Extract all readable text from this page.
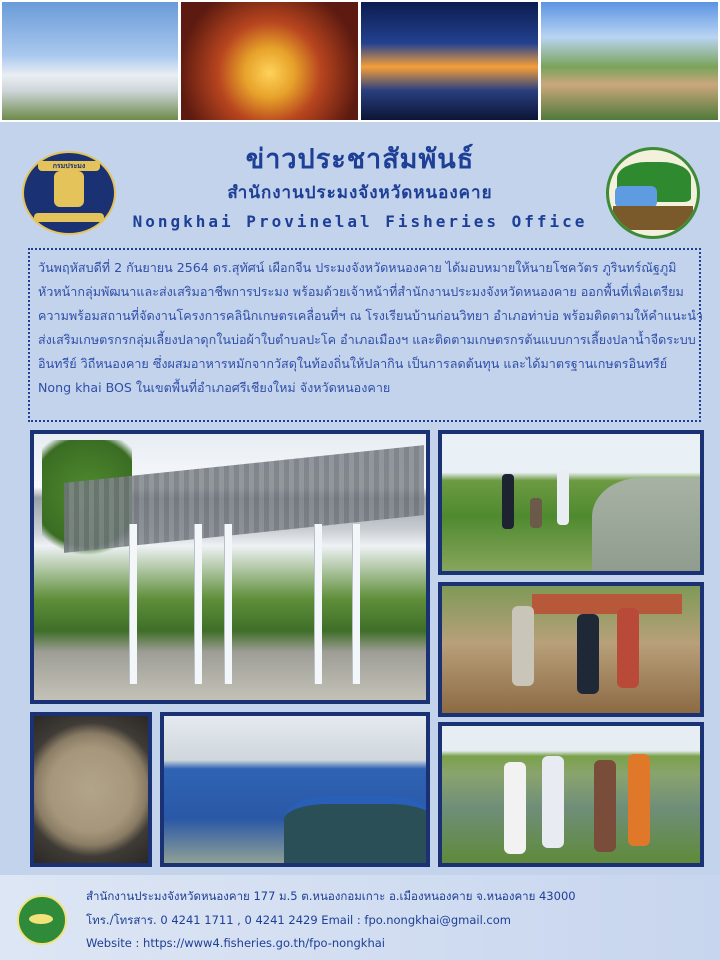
กรมประมง	ข่าวประชาสัมพันธ์
สำนักงานประมงจังหวัดหนองคาย
Nongkhai Provinelal Fisheries Office

วันพฤหัสบดีที่ 2 กันยายน 2564 ดร.สุทัศน์ เผือกจีน ประมงจังหวัดหนองคาย ได้มอบหมายให้นายโชควัตร ภูรินทร์ณัฐภูมิ

หัวหน้ากลุ่มพัฒนาและส่งเสริมอาชีพการประมง พร้อมด้วยเจ้าหน้าที่สำนักงานประมงจังหวัดหนองคาย ออกพื้นที่เพื่อเตรียม

ความพร้อมสถานที่จัดงานโครงการคลินิกเกษตรเคลื่อนที่ฯ ณ โรงเรียนบ้านก่อนวิทยา อำเภอท่าบ่อ พร้อมติดตามให้คำแนะนำ

ส่งเสริมเกษตรกรกลุ่มเลี้ยงปลาดุกในบ่อผ้าใบตำบลปะโค อำเภอเมืองฯ และติดตามเกษตรกรต้นแบบการเลี้ยงปลาน้ำจืดระบบ

อินทรีย์ วิถีหนองคาย ซึ่งผสมอาหารหมักจากวัสดุในท้องถิ่นให้ปลากิน เป็นการลดต้นทุน และได้มาตรฐานเกษตรอินทรีย์

Nong khai BOS ในเขตพื้นที่อำเภอศรีเชียงใหม่ จังหวัดหนองคาย

สำนักงานประมงจังหวัดหนองคาย 177 ม.5 ต.หนองกอมเกาะ อ.เมืองหนองคาย จ.หนองคาย 43000
โทร./โทรสาร. 0 4241 1711 , 0 4241 2429 Email : fpo.nongkhai@gmail.com
Website : https://www4.fisheries.go.th/fpo-nongkhai
